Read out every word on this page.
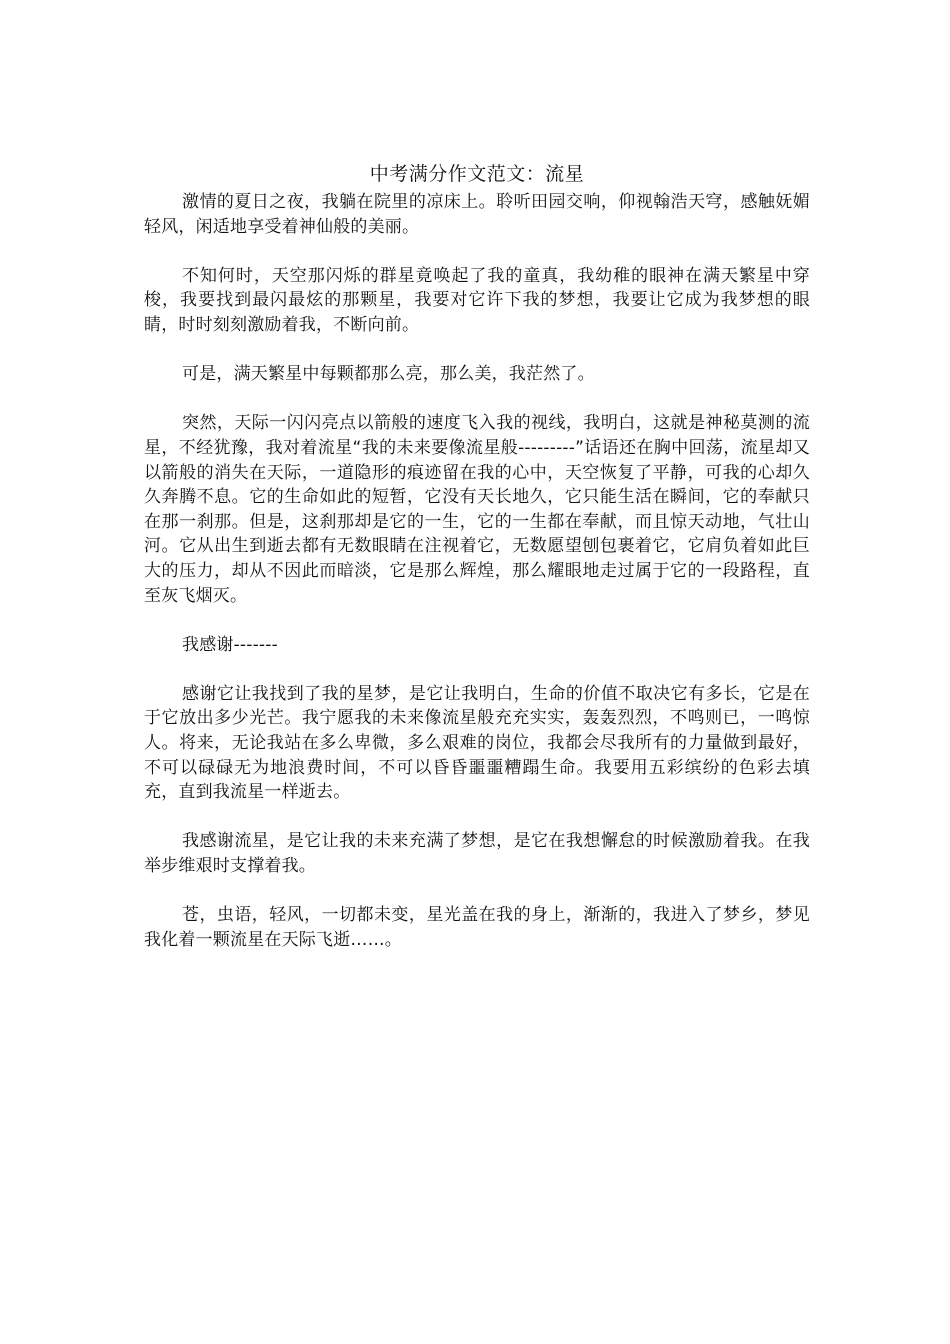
中考满分作文范文：流星

激情的夏日之夜，我躺在院里的凉床上。聆听田园交响，仰视翰浩天穹，感触妩媚轻风，闲适地享受着神仙般的美丽。

不知何时，天空那闪烁的群星竟唤起了我的童真，我幼稚的眼神在满天繁星中穿梭，我要找到最闪最炫的那颗星，我要对它许下我的梦想，我要让它成为我梦想的眼睛，时时刻刻激励着我，不断向前。

可是，满天繁星中每颗都那么亮，那么美，我茫然了。

突然，天际一闪闪亮点以箭般的速度飞入我的视线，我明白，这就是神秘莫测的流星，不经犹豫，我对着流星“我的未来要像流星般---------”话语还在胸中回荡，流星却又以箭般的消失在天际，一道隐形的痕迹留在我的心中，天空恢复了平静，可我的心却久久奔腾不息。它的生命如此的短暂，它没有天长地久，它只能生活在瞬间，它的奉献只在那一刹那。但是，这刹那却是它的一生，它的一生都在奉献，而且惊天动地，气壮山河。它从出生到逝去都有无数眼睛在注视着它，无数愿望刨包裹着它，它肩负着如此巨大的压力，却从不因此而暗淡，它是那么辉煌，那么耀眼地走过属于它的一段路程，直至灰飞烟灭。

我感谢-------

感谢它让我找到了我的星梦，是它让我明白，生命的价值不取决它有多长，它是在于它放出多少光芒。我宁愿我的未来像流星般充充实实，轰轰烈烈，不鸣则已，一鸣惊人。将来，无论我站在多么卑微，多么艰难的岗位，我都会尽我所有的力量做到最好，不可以碌碌无为地浪费时间，不可以昏昏噩噩糟蹋生命。我要用五彩缤纷的色彩去填充，直到我流星一样逝去。

我感谢流星，是它让我的未来充满了梦想，是它在我想懈怠的时候激励着我。在我举步维艰时支撑着我。

苍，虫语，轻风，一切都未变，星光盖在我的身上，渐渐的，我进入了梦乡，梦见我化着一颗流星在天际飞逝……。
